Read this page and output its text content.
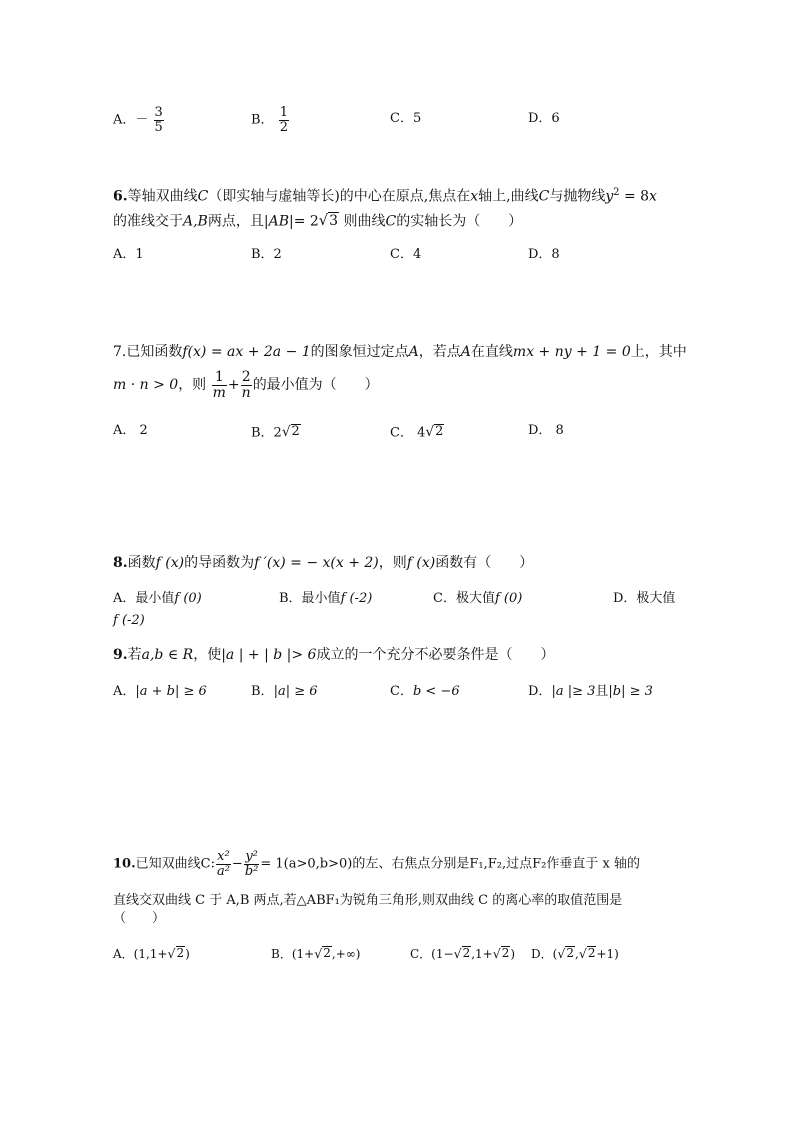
A．－ $\frac{3}{5}$	B． $\frac{1}{2}$	C．5	D．6
6.等轴双曲线C（即实轴与虚轴等长)的中心在原点,焦点在x轴上,曲线C与抛物线$y^2 = 8x$
的准线交于A,B两点，且|AB|= 2 √ 3 则曲线C的实轴长为（　　）
A．1	B．2	C．4	D．8
7.已知函数f(x) = ax + 2a − 1的图象恒过定点A，若点A在直线mx + ny + 1 = 0上，其中
m · n > 0，则 $\frac{1}{m} + \frac{2}{n}$ 的最小值为（　　）
A． 2	B．2 √ 2	C． 4 √ 2	D． 8
8.函数f (x)的导函数为f ′(x) = − x(x + 2)，则f (x)函数有（　　）
A．最小值f (0)	B．最小值f (-2)	C．极大值f (0)	D．极大值
f (-2)
9.若a,b ∈ R，使|a | + | b |> 6成立的一个充分不必要条件是（　　）
A．|a + b| ≥ 6	B．|a| ≥ 6	C．b < −6	D．|a |≥ 3且|b| ≥ 3
10.已知双曲线C: $\frac{\text{x²}}{\text{a²}} - \frac{\text{y²}}{\text{b²}} = 1(a>0,b>0)$的左、右焦点分别是F₁,F₂,过点F₂作垂直于 x 轴的
直线交双曲线 C 于 A,B 两点,若△ABF₁为锐角三角形,则双曲线 C 的离心率的取值范围是
（　　）
A．(1,1+ √ 2 )	B．(1+ √ 2 ,+∞)	C．(1− √ 2 ,1+ √ 2 ) D．( √ 2 , √ 2 +1)
